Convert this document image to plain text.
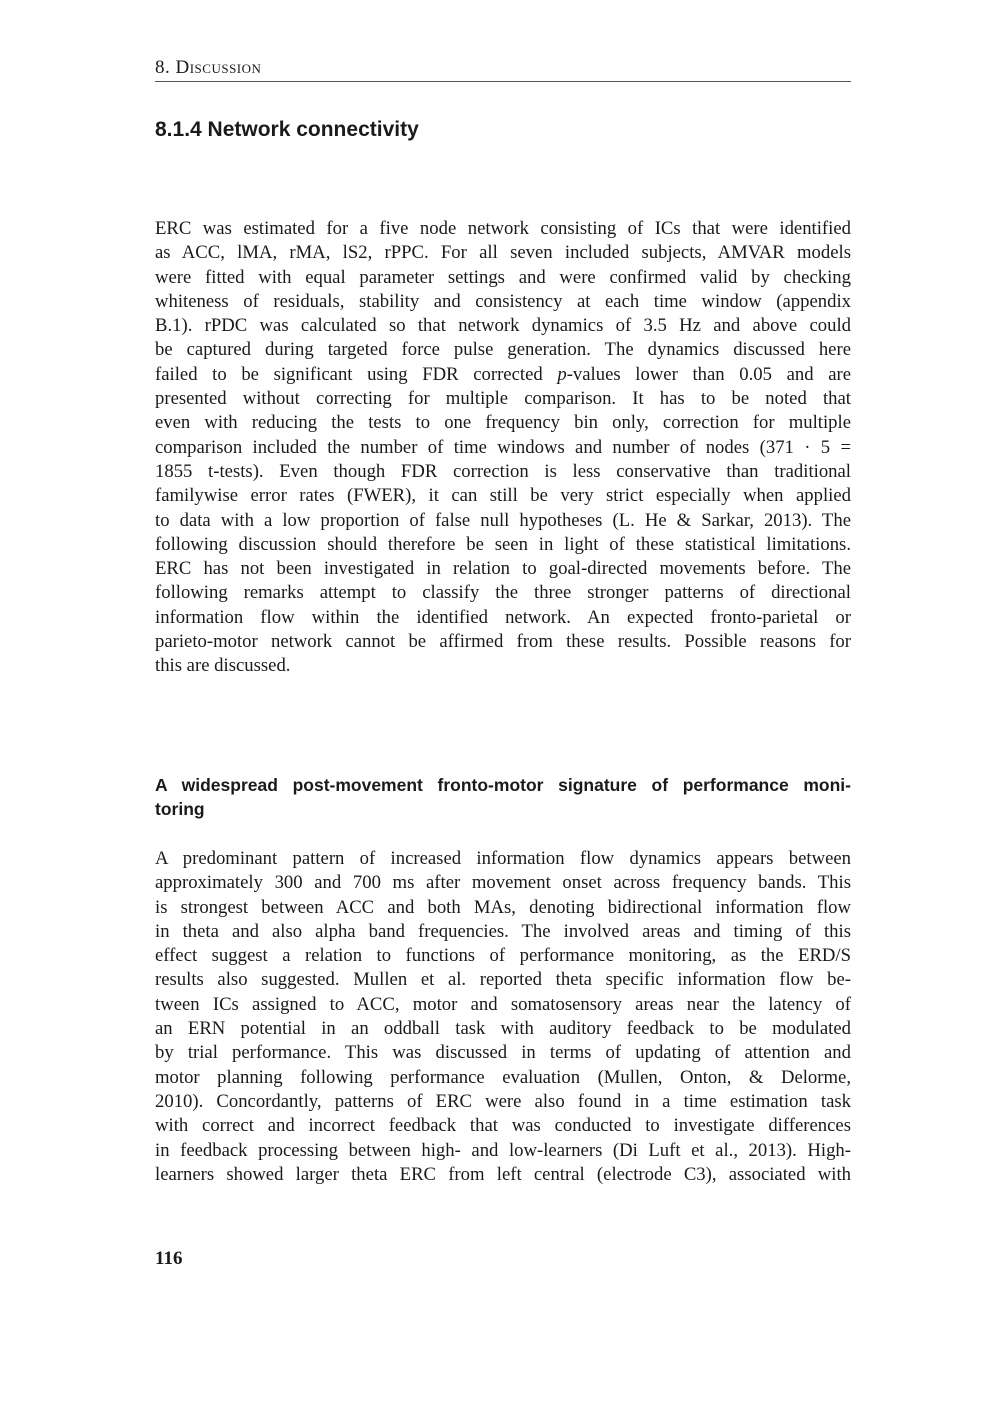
8. Discussion
8.1.4 Network connectivity
ERC was estimated for a five node network consisting of ICs that were identified
as ACC, lMA, rMA, lS2, rPPC. For all seven included subjects, AMVAR models
were fitted with equal parameter settings and were confirmed valid by checking
whiteness of residuals, stability and consistency at each time window (appendix
B.1). rPDC was calculated so that network dynamics of 3.5 Hz and above could
be captured during targeted force pulse generation. The dynamics discussed here
failed to be significant using FDR corrected p-values lower than 0.05 and are
presented without correcting for multiple comparison. It has to be noted that
even with reducing the tests to one frequency bin only, correction for multiple
comparison included the number of time windows and number of nodes (371 · 5 =
1855 t-tests). Even though FDR correction is less conservative than traditional
familywise error rates (FWER), it can still be very strict especially when applied
to data with a low proportion of false null hypotheses (L. He & Sarkar, 2013). The
following discussion should therefore be seen in light of these statistical limitations.
ERC has not been investigated in relation to goal-directed movements before. The
following remarks attempt to classify the three stronger patterns of directional
information flow within the identified network. An expected fronto-parietal or
parieto-motor network cannot be affirmed from these results. Possible reasons for
this are discussed.
A widespread post-movement fronto-motor signature of performance moni-
toring
A predominant pattern of increased information flow dynamics appears between
approximately 300 and 700 ms after movement onset across frequency bands. This
is strongest between ACC and both MAs, denoting bidirectional information flow
in theta and also alpha band frequencies. The involved areas and timing of this
effect suggest a relation to functions of performance monitoring, as the ERD/S
results also suggested. Mullen et al. reported theta specific information flow be-
tween ICs assigned to ACC, motor and somatosensory areas near the latency of
an ERN potential in an oddball task with auditory feedback to be modulated
by trial performance. This was discussed in terms of updating of attention and
motor planning following performance evaluation (Mullen, Onton, & Delorme,
2010). Concordantly, patterns of ERC were also found in a time estimation task
with correct and incorrect feedback that was conducted to investigate differences
in feedback processing between high- and low-learners (Di Luft et al., 2013). High-
learners showed larger theta ERC from left central (electrode C3), associated with
116
